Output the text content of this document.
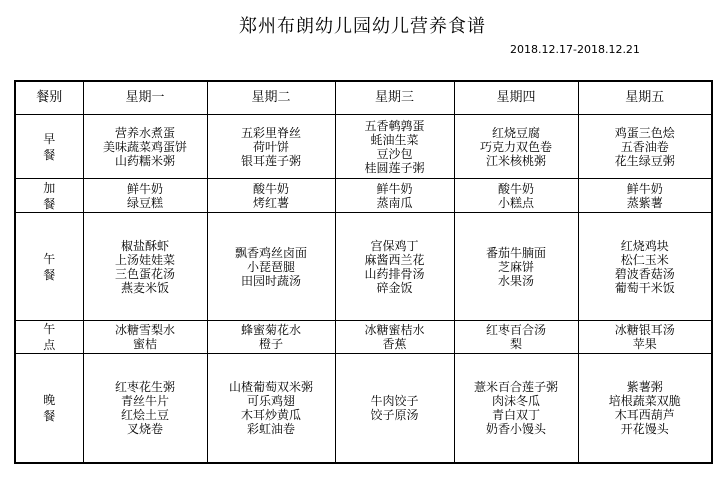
郑州布朗幼儿园幼儿营养食谱
2018.12.17-2018.12.21
餐别	星期一	星期二	星期三	星期四	星期五

早
餐	营养水煮蛋
美味蔬菜鸡蛋饼
山药糯米粥	五彩里脊丝
荷叶饼
银耳莲子粥	五香鹌鹑蛋
蚝油生菜
豆沙包
桂圆莲子粥	红烧豆腐
巧克力双色卷
江米核桃粥	鸡蛋三色烩
五香油卷
花生绿豆粥

加
餐	鲜牛奶
绿豆糕	酸牛奶
烤红薯	鲜牛奶
蒸南瓜	酸牛奶
小糕点	鲜牛奶
蒸紫薯

午
餐	椒盐酥虾
上汤娃娃菜
三色蛋花汤
燕麦米饭	飘香鸡丝卤面
小琵琶腿
田园时蔬汤	宫保鸡丁
麻酱西兰花
山药排骨汤
碎金饭	番茄牛腩面
芝麻饼
水果汤	红烧鸡块
松仁玉米
碧波香菇汤
葡萄干米饭

午
点	冰糖雪梨水
蜜桔	蜂蜜菊花水
橙子	冰糖蜜桔水
香蕉	红枣百合汤
梨	冰糖银耳汤
苹果

晚
餐	红枣花生粥
青丝牛片
红烩土豆
叉烧卷	山楂葡萄双米粥
可乐鸡翅
木耳炒黄瓜
彩虹油卷	牛肉饺子
饺子原汤	薏米百合莲子粥
肉沫冬瓜
青白双丁
奶香小馒头	紫薯粥
培根蔬菜双脆
木耳西葫芦
开花馒头
